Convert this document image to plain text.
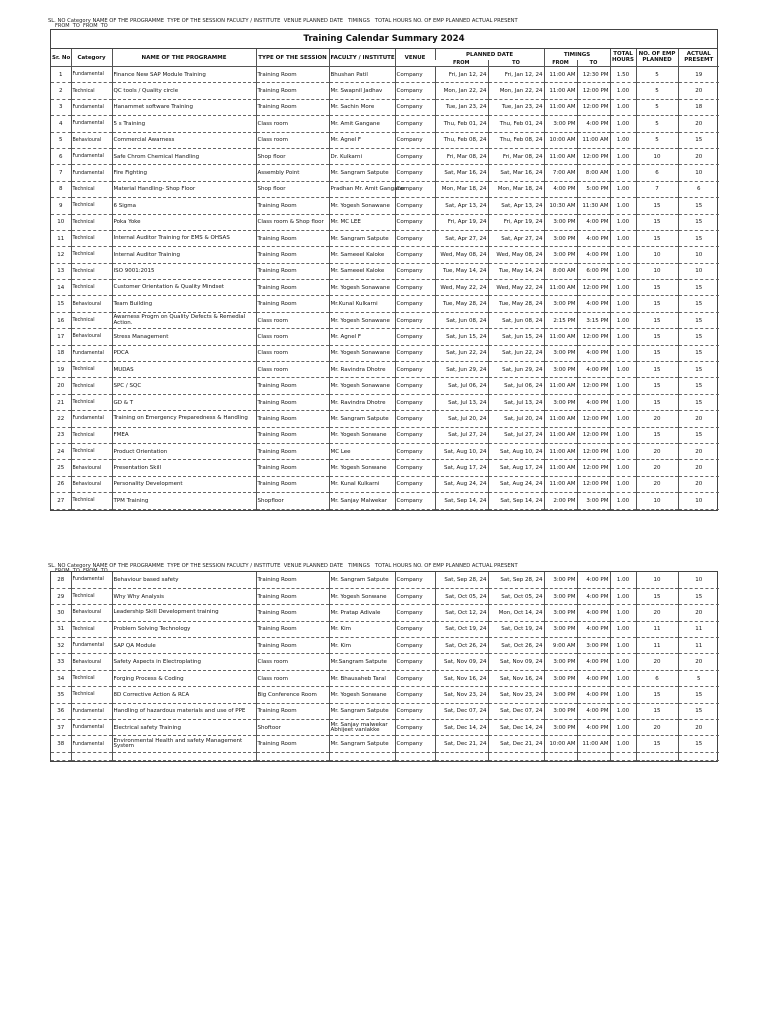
SL. NO Category NAME OF THE PROGRAMME  TYPE OF THE SESSION FACULTY / INSTITUTE  VENUE PLANNED DATE   TIMINGS   TOTAL HOURS NO. OF EMP PLANNED ACTUAL PRESENT
FROM  TO  FROM  TO
Training Calendar Summary 2024
Sr. No	Category	NAME OF THE PROGRAMME	TYPE OF THE SESSION	FACULTY / INSTITUTE	VENUE	PLANNED DATE		TIMINGS		TOTAL HOURS	NO. OF EMP PLANNED	ACTUAL PRESEMT
						FROM	TO	FROM	TO			
1	Fundamental	Finance New SAP Module Training	Training Room	Bhushan Patil	Company	Fri, Jan 12, 24	Fri, Jan 12, 24	11:00 AM	12:30 PM	1.50	5	19
2	Technical	QC tools / Quality circle	Training Room	Mr. Swapnil Jadhav	Company	Mon, Jan 22, 24	Mon, Jan 22, 24	11:00 AM	12:00 PM	1.00	5	20
3	Fundamental	Hanammet software Training	Training Room	Mr. Sachin More	Company	Tue, Jan 23, 24	Tue, Jan 23, 24	11:00 AM	12:00 PM	1.00	5	18
4	Fundamental	5 s Training	Class room	Mr. Amit Gangane	Company	Thu, Feb 01, 24	Thu, Feb 01, 24	3:00 PM	4:00 PM	1.00	5	20
5	Behavioural	Commercial Awarness	Class room	Mr. Agnel F	Company	Thu, Feb 08, 24	Thu, Feb 08, 24	10:00 AM	11:00 AM	1.00	5	15
6	Fundamental	Safe Chrom Chemical Handling	Shop floor	Dr. Kulkarni	Company	Fri, Mar 08, 24	Fri, Mar 08, 24	11:00 AM	12:00 PM	1.00	10	20
7	Fundamental	Fire Fighting	Assembly Point	Mr. Sangram Satpute	Company	Sat, Mar 16, 24	Sat, Mar 16, 24	7:00 AM	8:00 AM	1.00	6	10
8	Technical	Material Handling- Shop Floor	Shop floor	Pradhan Mr. Amit Gangane	Company	Mon, Mar 18, 24	Mon, Mar 18, 24	4:00 PM	5:00 PM	1.00	7	6
9	Technical	6 Sigma	Training Room	Mr. Yogesh Sonawane	Company	Sat, Apr 13, 24	Sat, Apr 13, 24	10:30 AM	11:30 AM	1.00	15	15
10	Technical	Poka Yoke	Class room & Shop floor	Mr. MC LEE	Company	Fri, Apr 19, 24	Fri, Apr 19, 24	3:00 PM	4:00 PM	1.00	15	15
11	Technical	Internal Auditor Training for EMS & OHSAS	Training Room	Mr. Sangram Satpute	Company	Sat, Apr 27, 24	Sat, Apr 27, 24	3:00 PM	4:00 PM	1.00	15	15
12	Technical	Internal Auditor Training	Training Room	Mr. Sameeel Kaloke	Company	Wed, May 08, 24	Wed, May 08, 24	3:00 PM	4:00 PM	1.00	10	10
13	Technical	ISO 9001:2015	Training Room	Mr. Sameeel Kaloke	Company	Tue, May 14, 24	Tue, May 14, 24	8:00 AM	6:00 PM	1.00	10	10
14	Technical	Customer Orientation & Quality Mindset	Training Room	Mr. Yogesh Sonawane	Company	Wed, May 22, 24	Wed, May 22, 24	11:00 AM	12:00 PM	1.00	15	15
15	Behavioural	Team Building	Training Room	Mr.Kunal Kulkarni	Company	Tue, May 28, 24	Tue, May 28, 24	3:00 PM	4:00 PM	1.00	15	15
16	Technical	Awarness Progm on Quality Defects & Remedial Action.	Class room	Mr. Yogesh Sonawane	Company	Sat, Jun 08, 24	Sat, Jun 08, 24	2:15 PM	3:15 PM	1.00	15	15
17	Behavioural	Stress Management	Class room	Mr. Agnel F	Company	Sat, Jun 15, 24	Sat, Jun 15, 24	11:00 AM	12:00 PM	1.00	15	15
18	Fundamental	PDCA	Class room	Mr. Yogesh Sonawane	Company	Sat, Jun 22, 24	Sat, Jun 22, 24	3:00 PM	4:00 PM	1.00	15	15
19	Technical	MUDAS	Class room	Mr. Ravindra Dhotre	Company	Sat, Jun 29, 24	Sat, Jun 29, 24	3:00 PM	4:00 PM	1.00	15	15
20	Technical	SPC / SQC	Training Room	Mr. Yogesh Sonawane	Company	Sat, Jul 06, 24	Sat, Jul 06, 24	11:00 AM	12:00 PM	1.00	15	15
21	Technical	GD & T	Training Room	Mr. Ravindra Dhotre	Company	Sat, Jul 13, 24	Sat, Jul 13, 24	3:00 PM	4:00 PM	1.00	15	15
22	Fundamental	Training on Emergency Preparedness & Handling	Training Room	Mr. Sangram Satpute	Company	Sat, Jul 20, 24	Sat, Jul 20, 24	11:00 AM	12:00 PM	1.00	20	20
23	Technical	FMEA	Training Room	Mr. Yogesh Sonwane	Company	Sat, Jul 27, 24	Sat, Jul 27, 24	11:00 AM	12:00 PM	1.00	15	15
24	Technical	Product Orientation	Training Room	MC Lee	Company	Sat, Aug 10, 24	Sat, Aug 10, 24	11:00 AM	12:00 PM	1.00	20	20
25	Behavioural	Presentation Skill	Training Room	Mr. Yogesh Sonwane	Company	Sat, Aug 17, 24	Sat, Aug 17, 24	11:00 AM	12:00 PM	1.00	20	20
26	Behavioural	Personality Development	Training Room	Mr. Kunal Kulkarni	Company	Sat, Aug 24, 24	Sat, Aug 24, 24	11:00 AM	12:00 PM	1.00	20	20
27	Technical	TPM Training	Shopfloor	Mr. Sanjay Malwekar	Company	Sat, Sep 14, 24	Sat, Sep 14, 24	2:00 PM	3:00 PM	1.00	10	10
SL. NO Category NAME OF THE PROGRAMME  TYPE OF THE SESSION FACULTY / INSTITUTE  VENUE PLANNED DATE   TIMINGS   TOTAL HOURS NO. OF EMP PLANNED ACTUAL PRESENT
FROM  TO  FROM  TO
28	Fundamental	Behaviour based safety	Training Room	Mr. Sangram Satpute	Company	Sat, Sep 28, 24	Sat, Sep 28, 24	3:00 PM	4:00 PM	1.00	10	10
29	Technical	Why Why Analysis	Training Room	Mr. Yogesh Sonwane	Company	Sat, Oct 05, 24	Sat, Oct 05, 24	3:00 PM	4:00 PM	1.00	15	15
30	Behavioural	Leadership Skill Development training	Training Room	Mr. Pratap Adivale	Company	Sat, Oct 12, 24	Mon, Oct 14, 24	3:00 PM	4:00 PM	1.00	20	20
31	Technical	Problem Solving Technology	Training Room	Mr. Kim	Company	Sat, Oct 19, 24	Sat, Oct 19, 24	3:00 PM	4:00 PM	1.00	11	11
32	Fundamental	SAP QA Module	Training Room	Mr. Kim	Company	Sat, Oct 26, 24	Sat, Oct 26, 24	9:00 AM	3:00 PM	1.00	11	11
33	Behavioural	Safety Aspects in Electroplating	Class room	Mr.Sangram Satpute	Company	Sat, Nov 09, 24	Sat, Nov 09, 24	3:00 PM	4:00 PM	1.00	20	20
34	Technical	Forging Process & Coding	Class room	Mr. Bhausaheb Taral	Company	Sat, Nov 16, 24	Sat, Nov 16, 24	3:00 PM	4:00 PM	1.00	6	5
35	Technical	8D Corrective Action & RCA	Big Conference Room	Mr. Yogesh Sonwane	Company	Sat, Nov 23, 24	Sat, Nov 23, 24	3:00 PM	4:00 PM	1.00	15	15
36	Fundamental	Handling of hazardous materials and use of PPE	Training Room	Mr. Sangram Satpute	Company	Sat, Dec 07, 24	Sat, Dec 07, 24	3:00 PM	4:00 PM	1.00	15	15
37	Fundamental	Electrical safety Training	Shoftoor	Mr. Sanjay malwekar Abhijeet vanlakke	Company	Sat, Dec 14, 24	Sat, Dec 14, 24	3:00 PM	4:00 PM	1.00	20	20
38	Fundamental	Environmental Health and safety Management System	Training Room	Mr. Sangram Satpute	Company	Sat, Dec 21, 24	Sat, Dec 21, 24	10:00 AM	11:00 AM	1.00	15	15
